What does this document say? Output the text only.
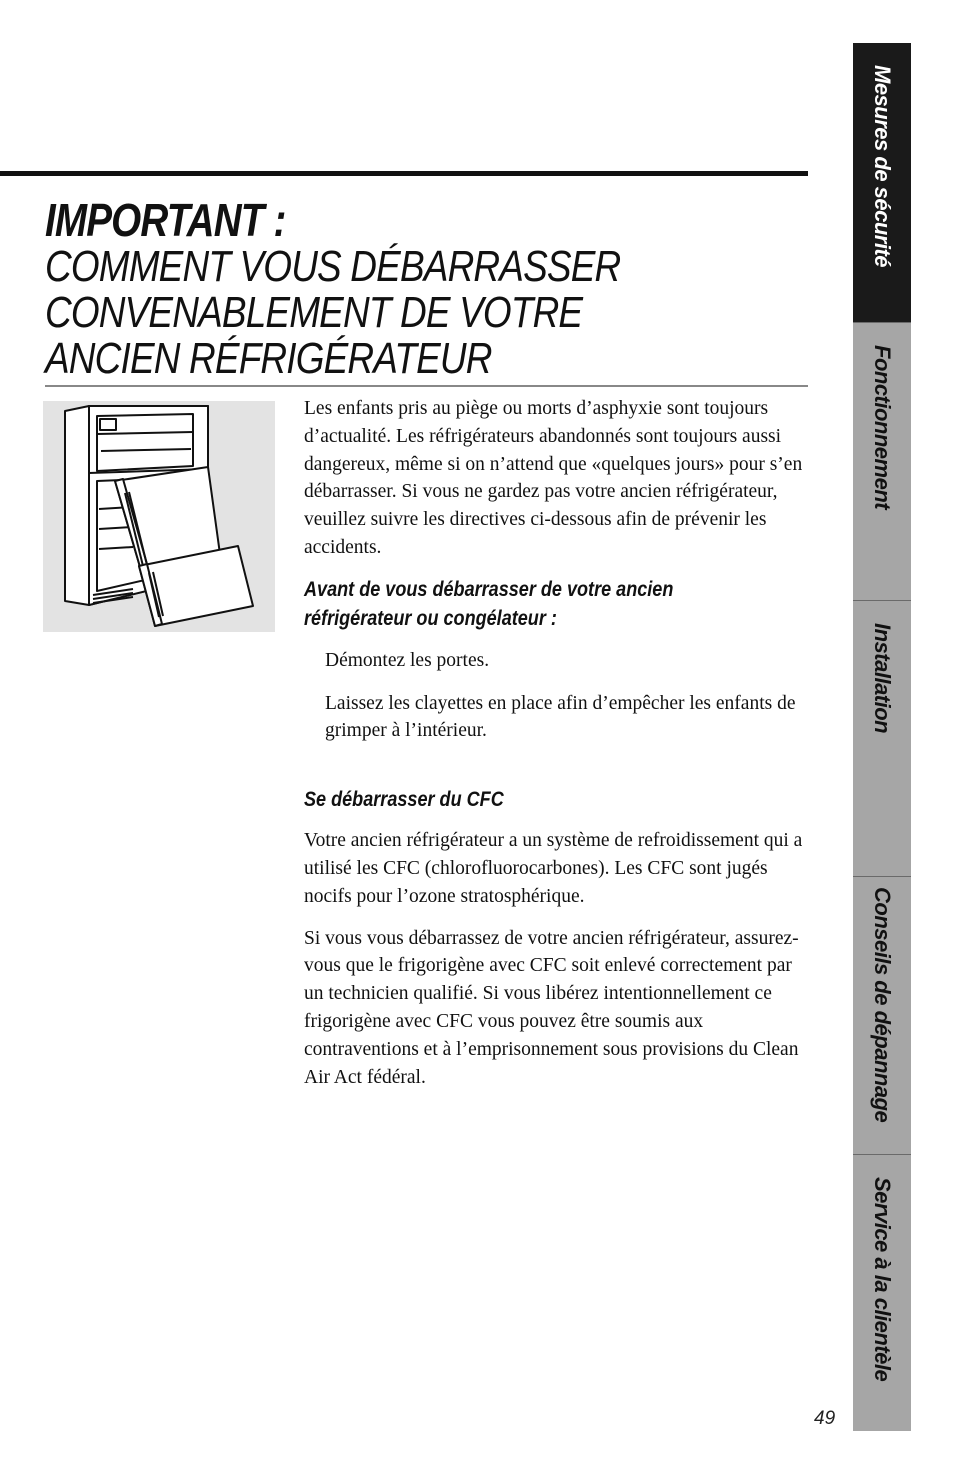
IMPORTANT :
COMMENT VOUS DÉBARRASSER
CONVENABLEMENT DE VOTRE
ANCIEN RÉFRIGÉRATEUR

Les enfants pris au piège ou morts d’asphyxie sont toujours d’actualité. Les réfrigérateurs abandonnés sont toujours aussi dangereux, même si on n’attend que «quelques jours» pour s’en débarrasser. Si vous ne gardez pas votre ancien réfrigérateur, veuillez suivre les directives ci-dessous afin de prévenir les accidents.

Avant de vous débarrasser de votre ancien
réfrigérateur ou congélateur :

Démontez les portes.

Laissez les clayettes en place afin d’empêcher les enfants de grimper à l’intérieur.

Se débarrasser du CFC

Votre ancien réfrigérateur a un système de refroidissement qui a utilisé les CFC (chlorofluorocarbones). Les CFC sont jugés nocifs pour l’ozone stratosphérique.

Si vous vous débarrassez de votre ancien réfrigérateur, assurez-vous que le frigorigène avec CFC soit enlevé correctement par un technicien qualifié. Si vous libérez intentionnellement ce frigorigène avec CFC vous pouvez être soumis aux contraventions et à l’emprisonnement sous provisions du Clean Air Act fédéral.

Mesures de sécurité
Fonctionnement
Installation
Conseils de dépannage
Service à la clientèle
49
